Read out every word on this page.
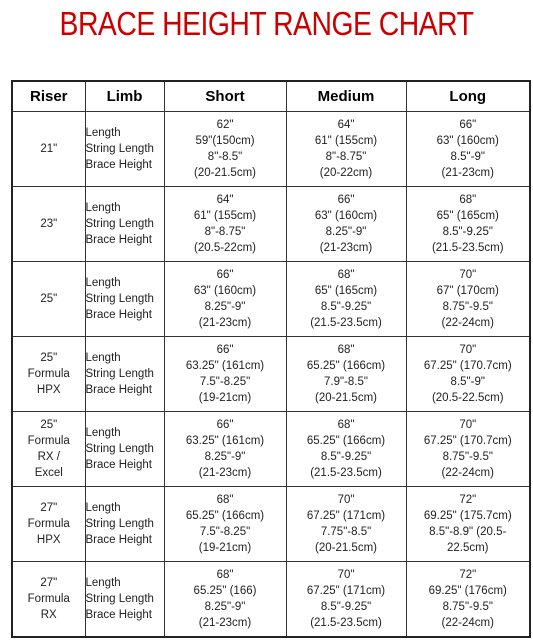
BRACE HEIGHT RANGE CHART
Riser	Limb	Short	Medium	Long

21"	Length
String Length
Brace Height	62"
59"(150cm)
8"-8.5"
(20-21.5cm)	64"
61" (155cm)
8"-8.75"
(20-22cm)	66"
63" (160cm)
8.5"-9"
(21-23cm)

23"	Length
String Length
Brace Height	64"
61" (155cm)
8"-8.75"
(20.5-22cm)	66"
63" (160cm)
8.25"-9"
(21-23cm)	68"
65" (165cm)
8.5"-9.25"
(21.5-23.5cm)

25"	Length
String Length
Brace Height	66"
63" (160cm)
8.25"-9"
(21-23cm)	68"
65" (165cm)
8.5"-9.25"
(21.5-23.5cm)	70"
67" (170cm)
8.75"-9.5"
(22-24cm)

25"
Formula
HPX	Length
String Length
Brace Height	66"
63.25" (161cm)
7.5"-8.25"
(19-21cm)	68"
65.25" (166cm)
7.9"-8.5"
(20-21.5cm)	70"
67.25" (170.7cm)
8.5"-9"
(20.5-22.5cm)

25"
Formula
RX /
Excel	Length
String Length
Brace Height	66"
63.25" (161cm)
8.25"-9"
(21-23cm)	68"
65.25" (166cm)
8.5"-9.25"
(21.5-23.5cm)	70"
67.25" (170.7cm)
8.75"-9.5"
(22-24cm)

27"
Formula
HPX	Length
String Length
Brace Height	68"
65.25" (166cm)
7.5"-8.25"
(19-21cm)	70"
67.25" (171cm)
7.75"-8.5"
(20-21.5cm)	72"
69.25" (175.7cm)
8.5"-8.9" (20.5-
22.5cm)

27"
Formula
RX	Length
String Length
Brace Height	68"
65.25" (166)
8.25"-9"
(21-23cm)	70"
67.25" (171cm)
8.5"-9.25"
(21.5-23.5cm)	72"
69.25" (176cm)
8.75"-9.5"
(22-24cm)
